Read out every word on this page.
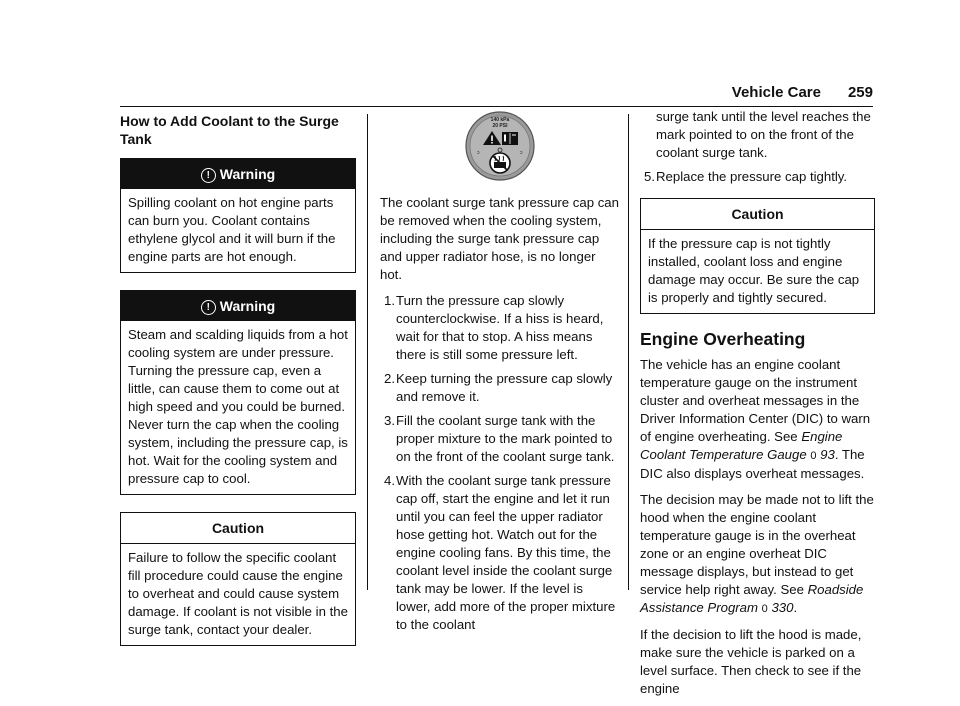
Vehicle Care 259
How to Add Coolant to the Surge Tank
! Warning
Spilling coolant on hot engine parts can burn you. Coolant contains ethylene glycol and it will burn if the engine parts are hot enough.
! Warning
Steam and scalding liquids from a hot cooling system are under pressure. Turning the pressure cap, even a little, can cause them to come out at high speed and you could be burned. Never turn the cap when the cooling system, including the pressure cap, is hot. Wait for the cooling system and pressure cap to cool.
Caution
Failure to follow the specific coolant fill procedure could cause the engine to overheat and could cause system damage. If coolant is not visible in the surge tank, contact your dealer.
140 kPa
20 PSI
ↄ	ↄ

The coolant surge tank pressure cap can be removed when the cooling system, including the surge tank pressure cap and upper radiator hose, is no longer hot.

1. Turn the pressure cap slowly counterclockwise. If a hiss is heard, wait for that to stop. A hiss means there is still some pressure left.
2. Keep turning the pressure cap slowly and remove it.
3. Fill the coolant surge tank with the proper mixture to the mark pointed to on the front of the coolant surge tank.
4. With the coolant surge tank pressure cap off, start the engine and let it run until you can feel the upper radiator hose getting hot. Watch out for the engine cooling fans. By this time, the coolant level inside the coolant surge tank may be lower. If the level is lower, add more of the proper mixture to the coolant
surge tank until the level reaches the mark pointed to on the front of the coolant surge tank.
5. Replace the pressure cap tightly.
Caution
If the pressure cap is not tightly installed, coolant loss and engine damage may occur. Be sure the cap is properly and tightly secured.
Engine Overheating

The vehicle has an engine coolant temperature gauge on the instrument cluster and overheat messages in the Driver Information Center (DIC) to warn of engine overheating. See Engine Coolant Temperature Gauge 0 93. The DIC also displays overheat messages.

The decision may be made not to lift the hood when the engine coolant temperature gauge is in the overheat zone or an engine overheat DIC message displays, but instead to get service help right away. See Roadside Assistance Program 0 330.

If the decision to lift the hood is made, make sure the vehicle is parked on a level surface. Then check to see if the engine
